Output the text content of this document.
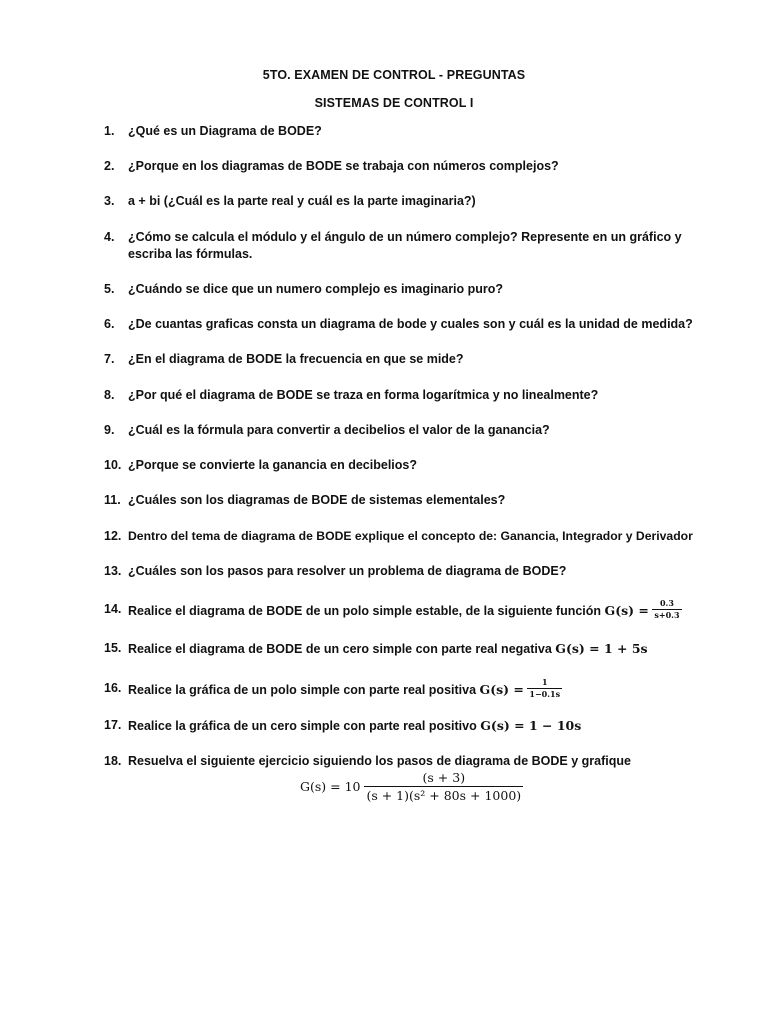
5TO. EXAMEN DE CONTROL - PREGUNTAS
SISTEMAS DE CONTROL I
1. ¿Qué es un Diagrama de BODE?
2. ¿Porque en los diagramas de BODE se trabaja con números complejos?
3. a + bi (¿Cuál es la parte real y cuál es la parte imaginaria?)
4. ¿Cómo se calcula el módulo y el ángulo de un número complejo? Represente en un gráfico y escriba las fórmulas.
5. ¿Cuándo se dice que un numero complejo es imaginario puro?
6. ¿De cuantas graficas consta un diagrama de bode y cuales son y cuál es la unidad de medida?
7. ¿En el diagrama de BODE la frecuencia en que se mide?
8. ¿Por qué el diagrama de BODE se traza en forma logarítmica y no linealmente?
9. ¿Cuál es la fórmula para convertir a decibelios el valor de la ganancia?
10. ¿Porque se convierte la ganancia en decibelios?
11. ¿Cuáles son los diagramas de BODE de sistemas elementales?
12. Dentro del tema de diagrama de BODE explique el concepto de: Ganancia, Integrador y Derivador
13. ¿Cuáles son los pasos para resolver un problema de diagrama de BODE?
14. Realice el diagrama de BODE de un polo simple estable, de la siguiente función $G(s) = \frac{0.3}{s+0.3}$
15. Realice el diagrama de BODE de un cero simple con parte real negativa G(s) = 1 + 5s
16. Realice la gráfica de un polo simple con parte real positiva $G(s) = \frac{1}{1-0.1s}$
17. Realice la gráfica de un cero simple con parte real positivo G(s) = 1 − 10s
18. Resuelva el siguiente ejercicio siguiendo los pasos de diagrama de BODE y grafique
$G(s) = 10 \frac{(s + 3)}{\text{(s + 1)(s² + 80s + 1000)}}$
